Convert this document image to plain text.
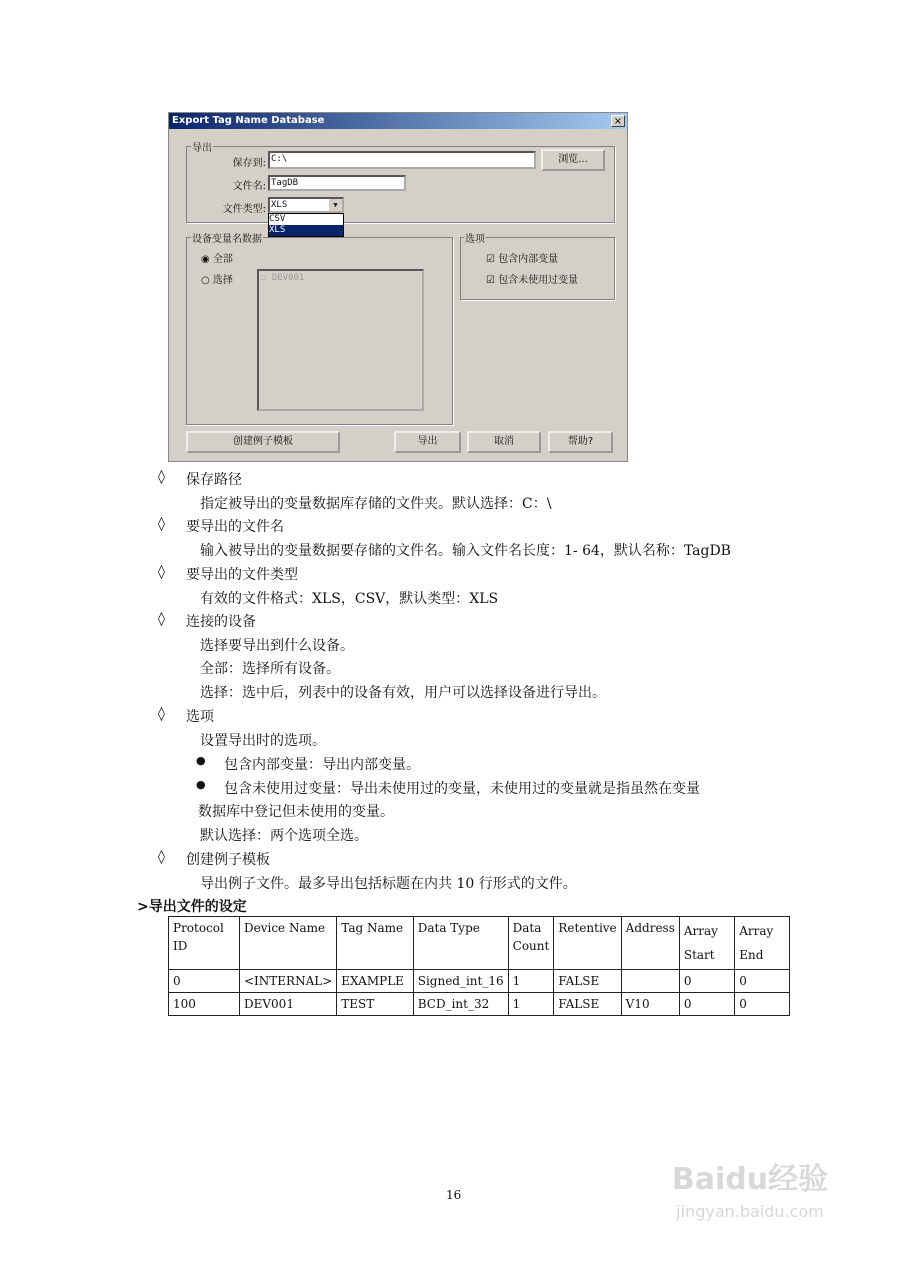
Export Tag Name Database	×
导出
保存到: C:\	浏览...
文件名: TagDB
文件类型: XLS	▼
CSV
XLS
设备变量名数据
◉ 全部
○ 选择	☐ DEV001
选项
☑ 包含内部变量
☑ 包含未使用过变量
创建例子模板	导出	取消	帮助?
◊ 保存路径
指定被导出的变量数据库存储的文件夹。默认选择：C：\
◊ 要导出的文件名
输入被导出的变量数据要存储的文件名。输入文件名长度：1- 64，默认名称：TagDB
◊ 要导出的文件类型
有效的文件格式：XLS，CSV，默认类型：XLS
◊ 连接的设备
选择要导出到什么设备。
全部：选择所有设备。
选择：选中后，列表中的设备有效，用户可以选择设备进行导出。
◊ 选项
设置导出时的选项。
● 包含内部变量：导出内部变量。
● 包含未使用过变量：导出未使用过的变量，未使用过的变量就是指虽然在变量
数据库中登记但未使用的变量。
默认选择：两个选项全选。
◊ 创建例子模板
导出例子文件。最多导出包括标题在内共 10 行形式的文件。
>导出文件的设定
Protocol ID	Device Name	Tag Name	Data Type	Data Count	Retentive	Address	Array Start	Array End
0	<INTERNAL>	EXAMPLE	Signed_int_16	1	FALSE		0	0
100	DEV001	TEST	BCD_int_32	1	FALSE	V10	0	0
16	Baidu经验
jingyan.baidu.com
